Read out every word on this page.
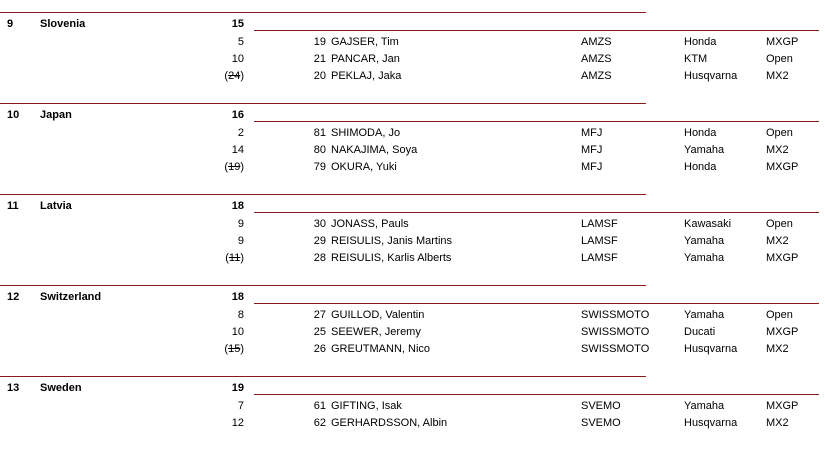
9 Slovenia	15
5	19 GAJSER, Tim	AMZS	Honda	MXGP
10	21 PANCAR, Jan	AMZS	KTM	Open
(24)	20 PEKLAJ, Jaka	AMZS	Husqvarna	MX2
10 Japan	16
2	81 SHIMODA, Jo	MFJ	Honda	Open
14	80 NAKAJIMA, Soya	MFJ	Yamaha	MX2
(19)	79 OKURA, Yuki	MFJ	Honda	MXGP
11 Latvia	18
9	30 JONASS, Pauls	LAMSF	Kawasaki	Open
9	29 REISULIS, Janis Martins	LAMSF	Yamaha	MX2
(11)	28 REISULIS, Karlis Alberts	LAMSF	Yamaha	MXGP
12 Switzerland	18
8	27 GUILLOD, Valentin	SWISSMOTO	Yamaha	Open
10	25 SEEWER, Jeremy	SWISSMOTO	Ducati	MXGP
(15)	26 GREUTMANN, Nico	SWISSMOTO	Husqvarna	MX2
13 Sweden	19
7	61 GIFTING, Isak	SVEMO	Yamaha	MXGP
12	62 GERHARDSSON, Albin	SVEMO	Husqvarna	MX2
